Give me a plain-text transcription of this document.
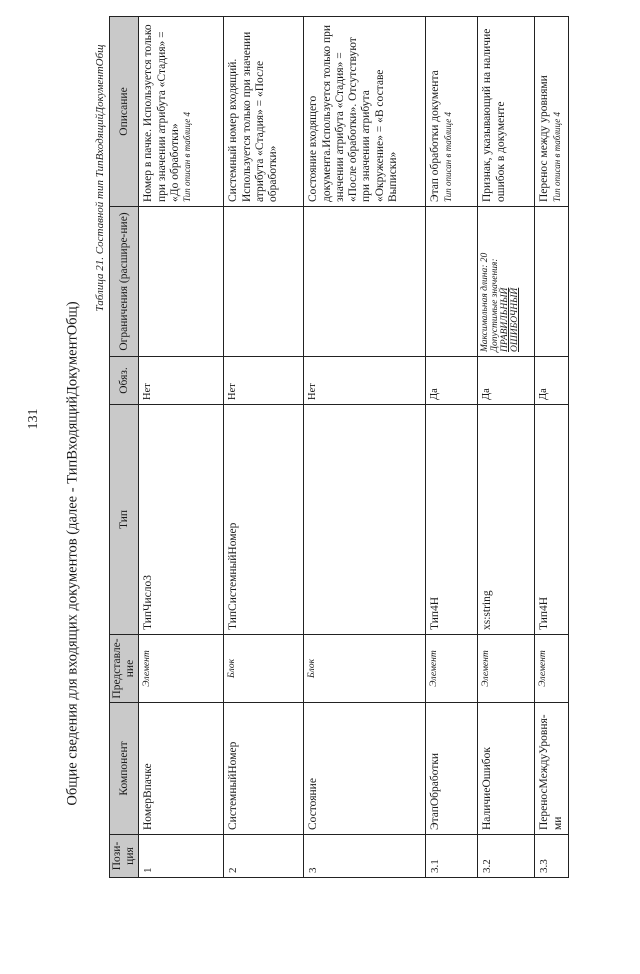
131 Общие сведения для входящих документов (далее - ТипВходящийДокументОбщ)
Таблица 21. Составной тип ТипВходящийДокументОбщ
Пози-ция	Компонент	Представле-ние	Тип	Обяз.	Ограничения (расшире-ние)	Описание
1	НомерВпачке	Элемент	ТипЧисло3	Нет		Номер в пачке. Используется только при значении атрибута «Стадия» = «До обработки» Тип описан в таблице 4

2	СистемныйНомер	Блок	ТипСистемныйНомер	Нет		Системный номер входящий. Используется только при значении атрибута «Стадия» = «После обработки»
3	Состояние	Блок		Нет		Состояние входящего документа.Используется только при значении атрибута «Стадия» = «После обработки». Отсутствуют при значении атрибута «Окружение» = «В составе Выписки»
3.1	ЭтапОбработки	Элемент	Тип4Н	Да		Этап обработки документа Тип описан в таблице 4

3.2	НаличиеОшибок	Элемент	xs:string	Да	Максимальная длина: 20 Допустимые значения: ПРАВИЛЬНЫЙ ОШИБОЧНЫЙ	Признак, указывающий на наличие ошибок в документе
3.3	ПереносМеждуУровня-ми	Элемент	Тип4Н	Да		Перенос между уровнями Тип описан в таблице 4
